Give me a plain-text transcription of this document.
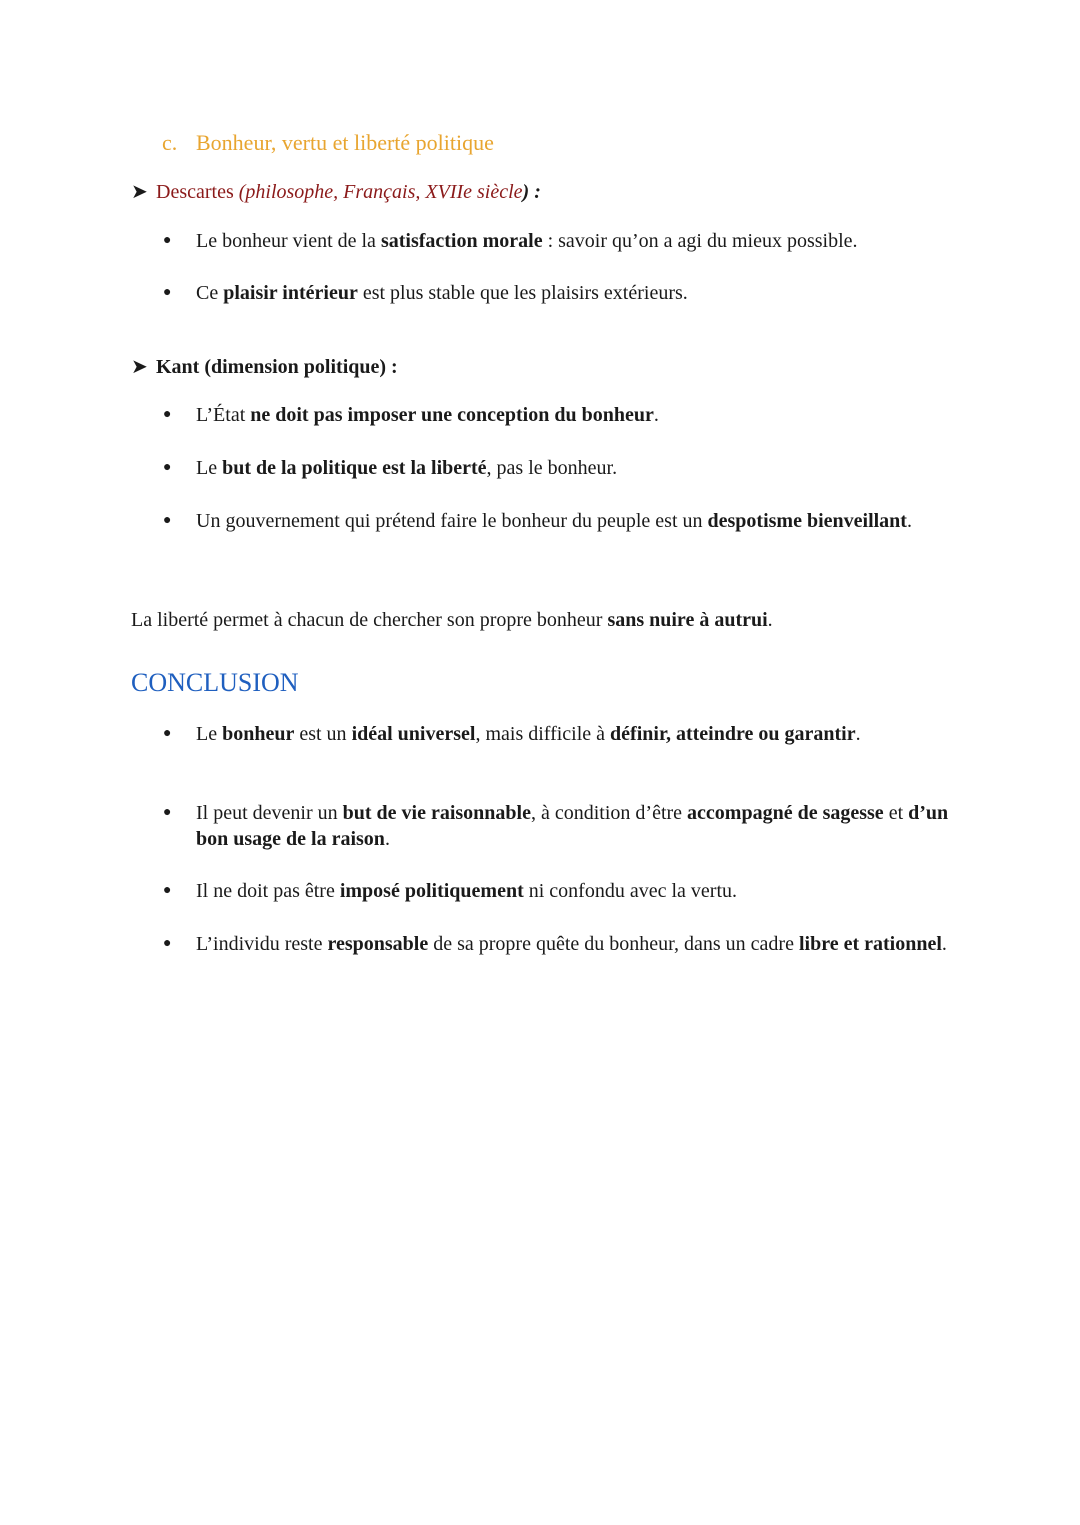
c. Bonheur, vertu et liberté politique
➤ Descartes (philosophe, Français, XVIIe siècle) :
● Le bonheur vient de la satisfaction morale : savoir qu’on a agi du mieux possible.
● Ce plaisir intérieur est plus stable que les plaisirs extérieurs.
➤ Kant (dimension politique) :
● L’État ne doit pas imposer une conception du bonheur.
● Le but de la politique est la liberté, pas le bonheur.
● Un gouvernement qui prétend faire le bonheur du peuple est un despotisme bienveillant.
La liberté permet à chacun de chercher son propre bonheur sans nuire à autrui.
CONCLUSION
● Le bonheur est un idéal universel, mais difficile à définir, atteindre ou garantir.
● Il peut devenir un but de vie raisonnable, à condition d’être accompagné de sagesse et d’un bon usage de la raison.
● Il ne doit pas être imposé politiquement ni confondu avec la vertu.
● L’individu reste responsable de sa propre quête du bonheur, dans un cadre libre et rationnel.
